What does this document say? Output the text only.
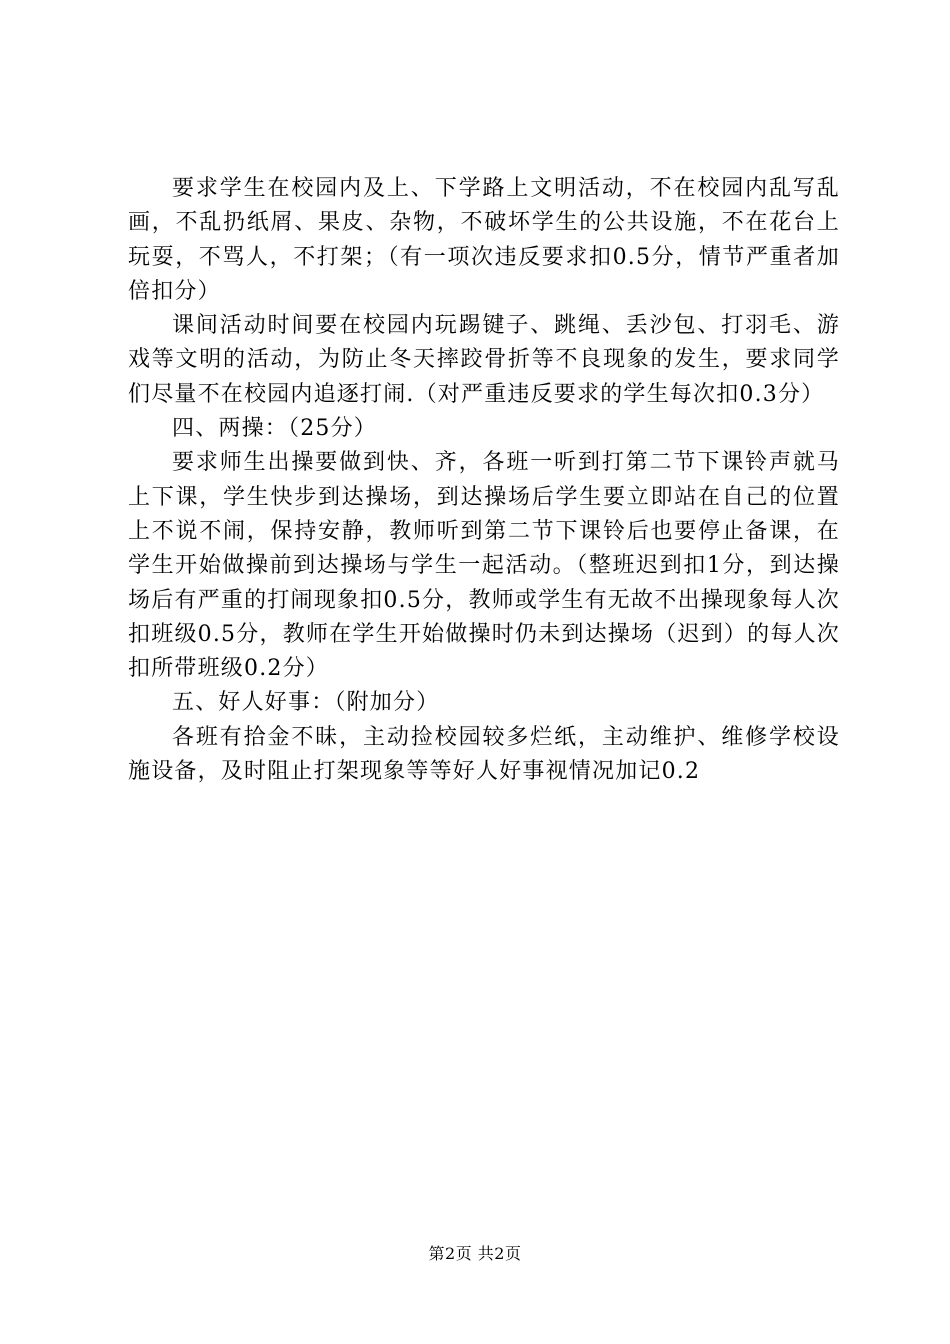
要求学生在校园内及上、下学路上文明活动，不在校园内乱写乱画，不乱扔纸屑、果皮、杂物，不破坏学生的公共设施，不在花台上玩耍，不骂人，不打架；（有一项次违反要求扣0.5分，情节严重者加倍扣分）

课间活动时间要在校园内玩踢键子、跳绳、丢沙包、打羽毛、游戏等文明的活动，为防止冬天摔跤骨折等不良现象的发生，要求同学们尽量不在校园内追逐打闹.（对严重违反要求的学生每次扣0.3分）

四、两操：（25分）

要求师生出操要做到快、齐，各班一听到打第二节下课铃声就马上下课，学生快步到达操场，到达操场后学生要立即站在自己的位置上不说不闹，保持安静，教师听到第二节下课铃后也要停止备课，在学生开始做操前到达操场与学生一起活动。（整班迟到扣1分，到达操场后有严重的打闹现象扣0.5分，教师或学生有无故不出操现象每人次扣班级0.5分，教师在学生开始做操时仍未到达操场（迟到）的每人次扣所带班级0.2分）

五、好人好事：（附加分）

各班有拾金不昧，主动捡校园较多烂纸，主动维护、维修学校设施设备，及时阻止打架现象等等好人好事视情况加记0.2

第2页 共2页
